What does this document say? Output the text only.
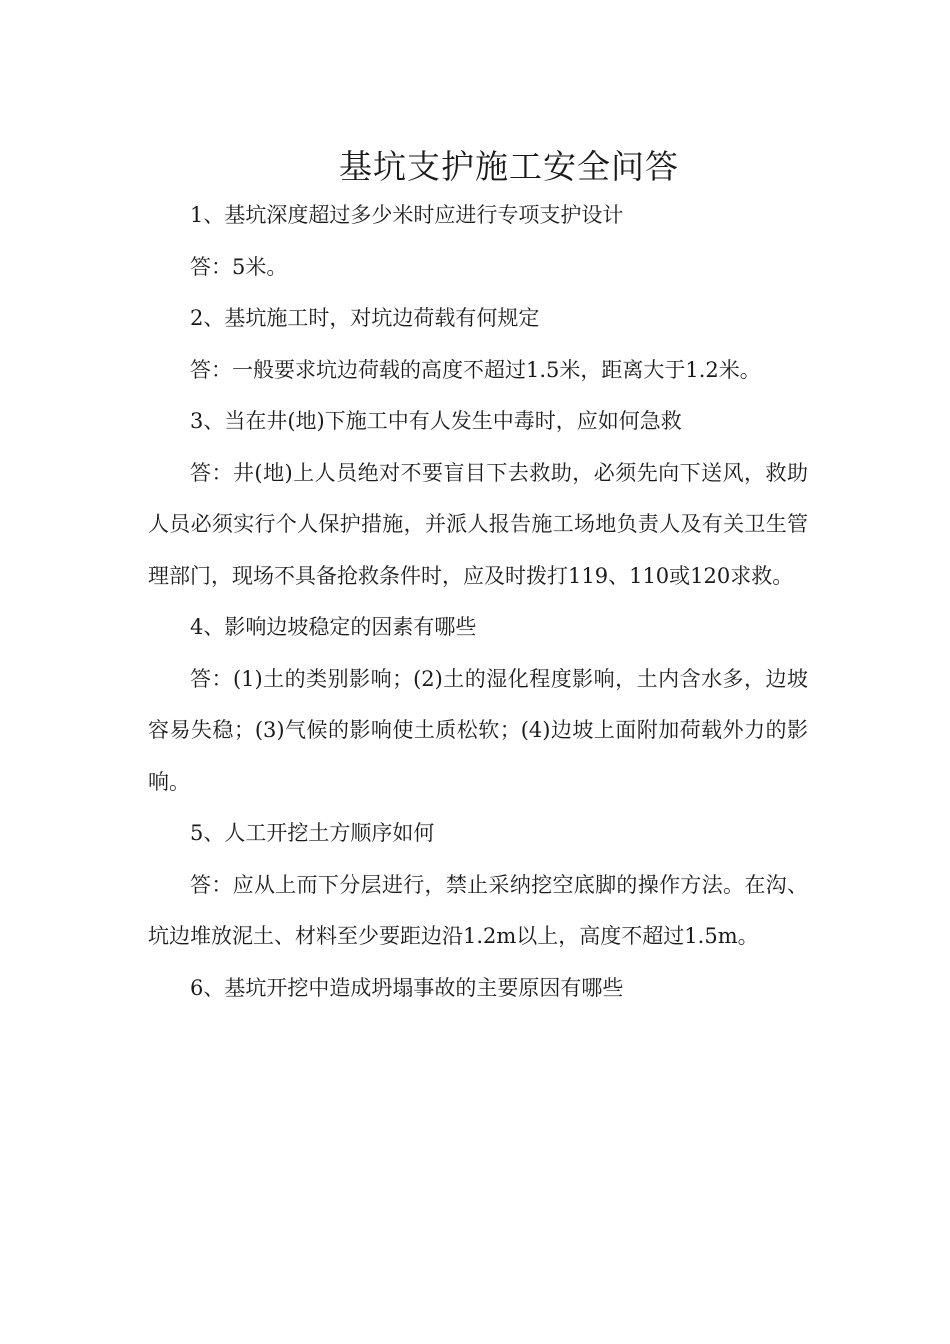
基坑支护施工安全问答

1、基坑深度超过多少米时应进行专项支护设计

答：5米。

2、基坑施工时，对坑边荷载有何规定

答：一般要求坑边荷载的高度不超过1.5米，距离大于1.2米。

3、当在井(地)下施工中有人发生中毒时，应如何急救

答：井(地)上人员绝对不要盲目下去救助，必须先向下送风，救助人员必须实行个人保护措施，并派人报告施工场地负责人及有关卫生管理部门，现场不具备抢救条件时，应及时拨打119、110或120求救。

4、影响边坡稳定的因素有哪些

答：(1)土的类别影响；(2)土的湿化程度影响，土内含水多，边坡容易失稳；(3)气候的影响使土质松软；(4)边坡上面附加荷载外力的影响。

5、人工开挖土方顺序如何

答：应从上而下分层进行，禁止采纳挖空底脚的操作方法。在沟、坑边堆放泥土、材料至少要距边沿1.2m以上，高度不超过1.5m。

6、基坑开挖中造成坍塌事故的主要原因有哪些
